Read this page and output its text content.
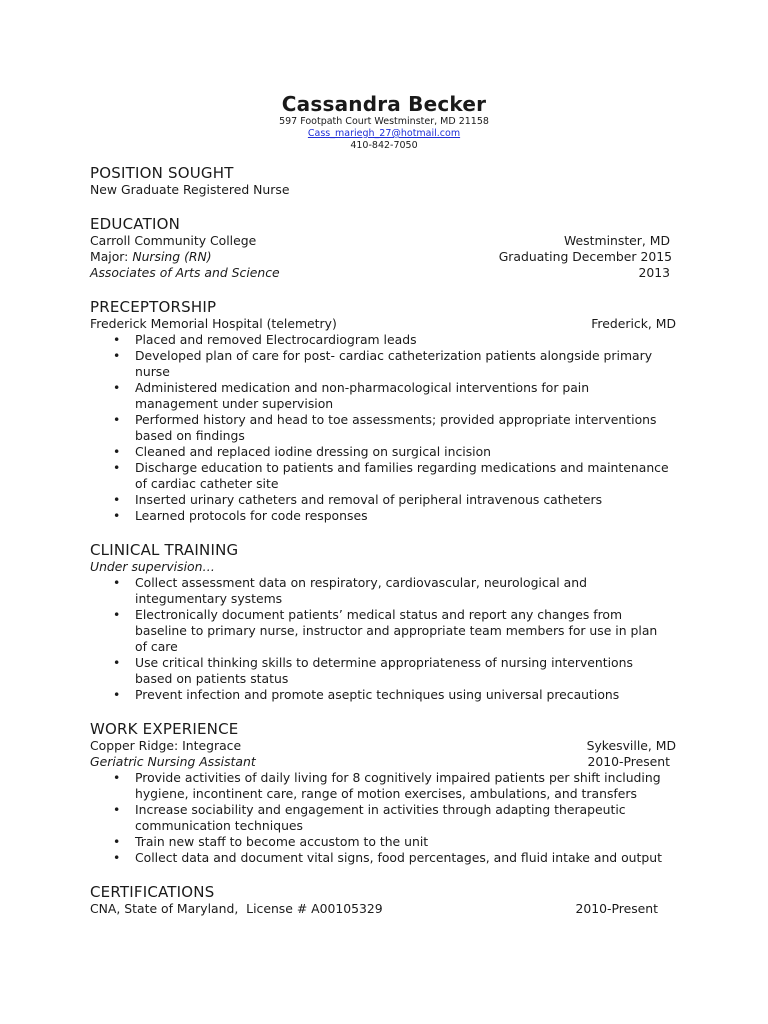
Cassandra Becker
597 Footpath Court Westminster, MD 21158
Cass_mariegh_27@hotmail.com
410-842-7050
POSITION SOUGHT
New Graduate Registered Nurse
EDUCATION
Carroll Community College	Westminster, MD
Major: Nursing (RN)	Graduating December 2015
Associates of Arts and Science	2013
PRECEPTORSHIP
Frederick Memorial Hospital (telemetry)	Frederick, MD
• Placed and removed Electrocardiogram leads
• Developed plan of care for post- cardiac catheterization patients alongside primary nurse
• Administered medication and non-pharmacological interventions for pain management under supervision
• Performed history and head to toe assessments; provided appropriate interventions based on findings
• Cleaned and replaced iodine dressing on surgical incision
• Discharge education to patients and families regarding medications and maintenance of cardiac catheter site
• Inserted urinary catheters and removal of peripheral intravenous catheters
• Learned protocols for code responses
CLINICAL TRAINING
Under supervision…
• Collect assessment data on respiratory, cardiovascular, neurological and integumentary systems
• Electronically document patients’ medical status and report any changes from baseline to primary nurse, instructor and appropriate team members for use in plan of care
• Use critical thinking skills to determine appropriateness of nursing interventions based on patients status
• Prevent infection and promote aseptic techniques using universal precautions
WORK EXPERIENCE
Copper Ridge: Integrace	Sykesville, MD
Geriatric Nursing Assistant	2010-Present
• Provide activities of daily living for 8 cognitively impaired patients per shift including hygiene, incontinent care, range of motion exercises, ambulations, and transfers
• Increase sociability and engagement in activities through adapting therapeutic communication techniques
• Train new staff to become accustom to the unit
• Collect data and document vital signs, food percentages, and fluid intake and output
CERTIFICATIONS
CNA, State of Maryland,  License # A00105329	2010-Present
